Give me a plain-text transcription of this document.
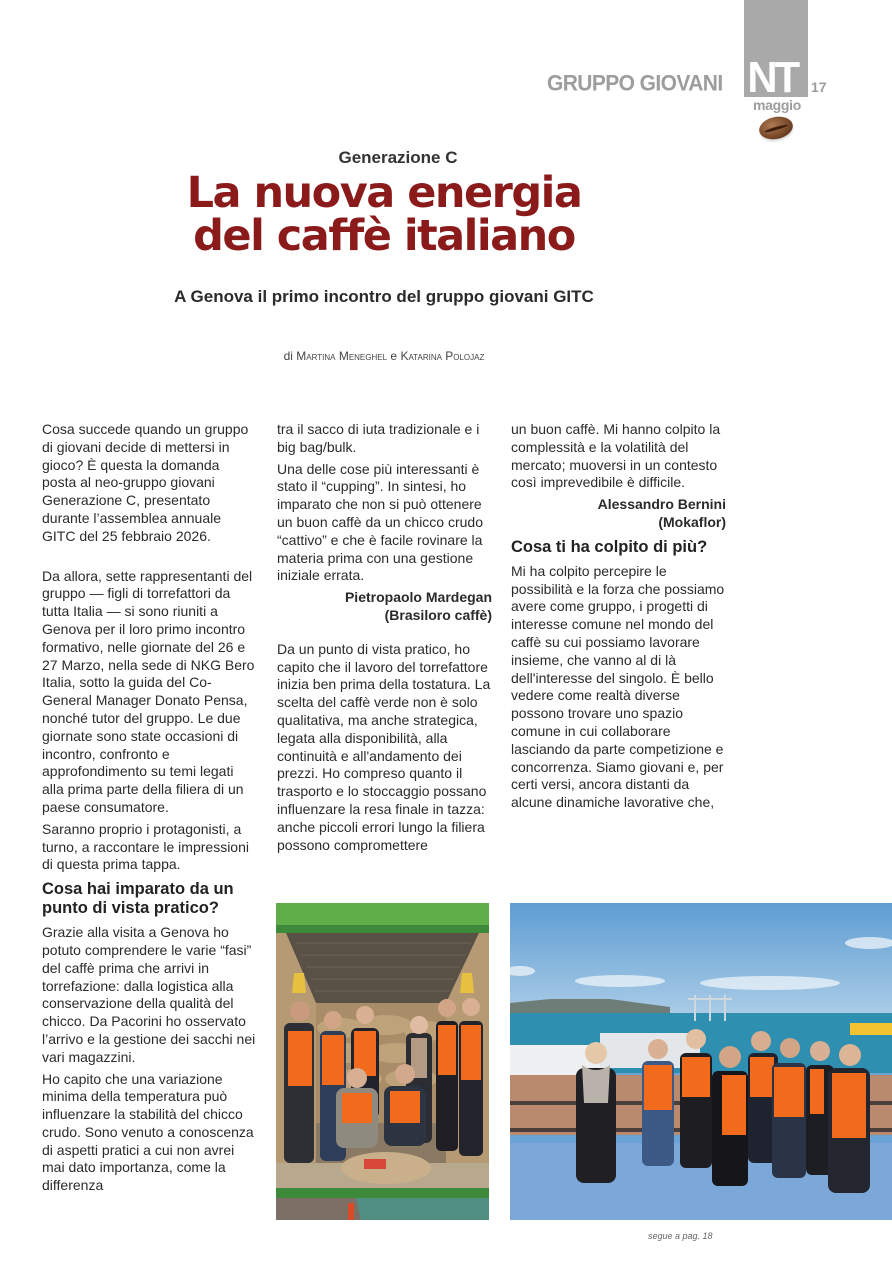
GRUPPO GIOVANI NT 17
maggio
Generazione C
La nuova energia
del caffè italiano
A Genova il primo incontro del gruppo giovani GITC
di Martina Meneghel e Katarina Polojaz

Cosa succede quando un gruppo di giovani decide di mettersi in gioco? È questa la domanda posta al neo-gruppo giovani Generazione C, presentato durante l’assemblea annuale GITC del 25 febbraio 2026.

Da allora, sette rappresentanti del gruppo — figli di torrefattori da tutta Italia — si sono riuniti a Genova per il loro primo incontro formativo, nelle giornate del 26 e 27 Marzo, nella sede di NKG Bero Italia, sotto la guida del Co-General Manager Donato Pensa, nonché tutor del gruppo. Le due giornate sono state occasioni di incontro, confronto e approfondimento su temi legati alla prima parte della filiera di un paese consumatore.

Saranno proprio i protagonisti, a turno, a raccontare le impressioni di questa prima tappa.

Cosa hai imparato da un punto di vista pratico?

Grazie alla visita a Genova ho potuto comprendere le varie “fasi” del caffè prima che arrivi in torrefazione: dalla logistica alla conservazione della qualità del chicco. Da Pacorini ho osservato l’arrivo e la gestione dei sacchi nei vari magazzini.

Ho capito che una variazione minima della temperatura può influenzare la stabilità del chicco crudo. Sono venuto a conoscenza di aspetti pratici a cui non avrei mai dato importanza, come la differenza

tra il sacco di iuta tradizionale e i big bag/bulk.

Una delle cose più interessanti è stato il “cupping”. In sintesi, ho imparato che non si può ottenere un buon caffè da un chicco crudo “cattivo” e che è facile rovinare la materia prima con una gestione iniziale errata.

Pietropaolo Mardegan
(Brasiloro caffè)

Da un punto di vista pratico, ho capito che il lavoro del torrefattore inizia ben prima della tostatura. La scelta del caffè verde non è solo qualitativa, ma anche strategica, legata alla disponibilità, alla continuità e all'andamento dei prezzi. Ho compreso quanto il trasporto e lo stoccaggio possano influenzare la resa finale in tazza: anche piccoli errori lungo la filiera possono compromettere

un buon caffè. Mi hanno colpito la complessità e la volatilità del mercato; muoversi in un contesto così imprevedibile è difficile.

Alessandro Bernini
(Mokaflor)
Cosa ti ha colpito di più?

Mi ha colpito percepire le possibilità e la forza che possiamo avere come gruppo, i progetti di interesse comune nel mondo del caffè su cui possiamo lavorare insieme, che vanno al di là dell'interesse del singolo. È bello vedere come realtà diverse possono trovare uno spazio comune in cui collaborare lasciando da parte competizione e concorrenza. Siamo giovani e, per certi versi, ancora distanti da alcune dinamiche lavorative che,

segue a pag. 18
